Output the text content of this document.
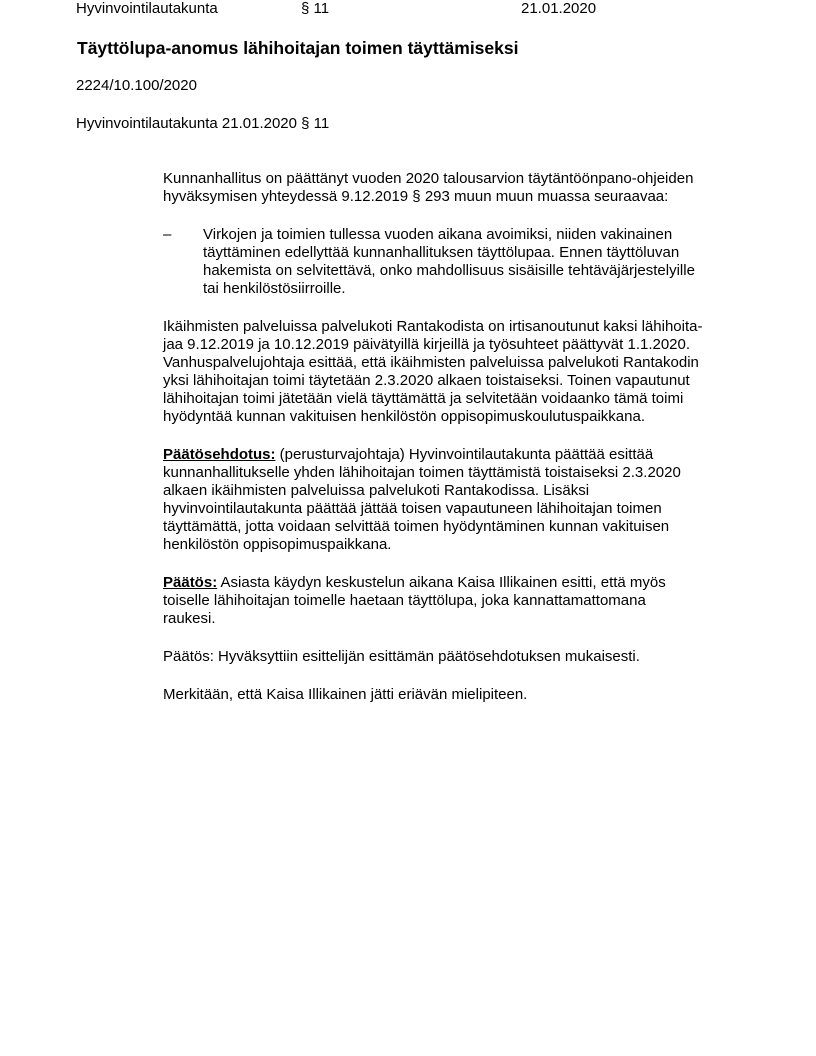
Hyvinvointilautakunta	§ 11	21.01.2020
Täyttölupa-anomus lähihoitajan toimen täyttämiseksi
2224/10.100/2020
Hyvinvointilautakunta 21.01.2020 § 11
Kunnanhallitus on päättänyt vuoden 2020 talousarvion täytäntöönpano-ohjeiden
hyväksymisen yhteydessä 9.12.2019 § 293 muun muun muassa seuraavaa:
– Virkojen ja toimien tullessa vuoden aikana avoimiksi, niiden vakinainen
täyttäminen edellyttää kunnanhallituksen täyttölupaa. Ennen täyttöluvan
hakemista on selvitettävä, onko mahdollisuus sisäisille tehtäväjärjestelyille
tai henkilöstösiirroille.
Ikäihmisten palveluissa palvelukoti Rantakodista on irtisanoutunut kaksi lähihoita-
jaa 9.12.2019 ja 10.12.2019 päivätyillä kirjeillä ja työsuhteet päättyvät 1.1.2020.
Vanhuspalvelujohtaja esittää, että ikäihmisten palveluissa palvelukoti Rantakodin
yksi lähihoitajan toimi täytetään 2.3.2020 alkaen toistaiseksi. Toinen vapautunut
lähihoitajan toimi jätetään vielä täyttämättä ja selvitetään voidaanko tämä toimi
hyödyntää kunnan vakituisen henkilöstön oppisopimuskoulutuspaikkana.
Päätösehdotus: (perusturvajohtaja) Hyvinvointilautakunta päättää esittää
kunnanhallitukselle yhden lähihoitajan toimen täyttämistä toistaiseksi 2.3.2020
alkaen ikäihmisten palveluissa palvelukoti Rantakodissa. Lisäksi
hyvinvointilautakunta päättää jättää toisen vapautuneen lähihoitajan toimen
täyttämättä, jotta voidaan selvittää toimen hyödyntäminen kunnan vakituisen
henkilöstön oppisopimuspaikkana.
Päätös: Asiasta käydyn keskustelun aikana Kaisa Illikainen esitti, että myös
toiselle lähihoitajan toimelle haetaan täyttölupa, joka kannattamattomana
raukesi.
Päätös: Hyväksyttiin esittelijän esittämän päätösehdotuksen mukaisesti.
Merkitään, että Kaisa Illikainen jätti eriävän mielipiteen.
